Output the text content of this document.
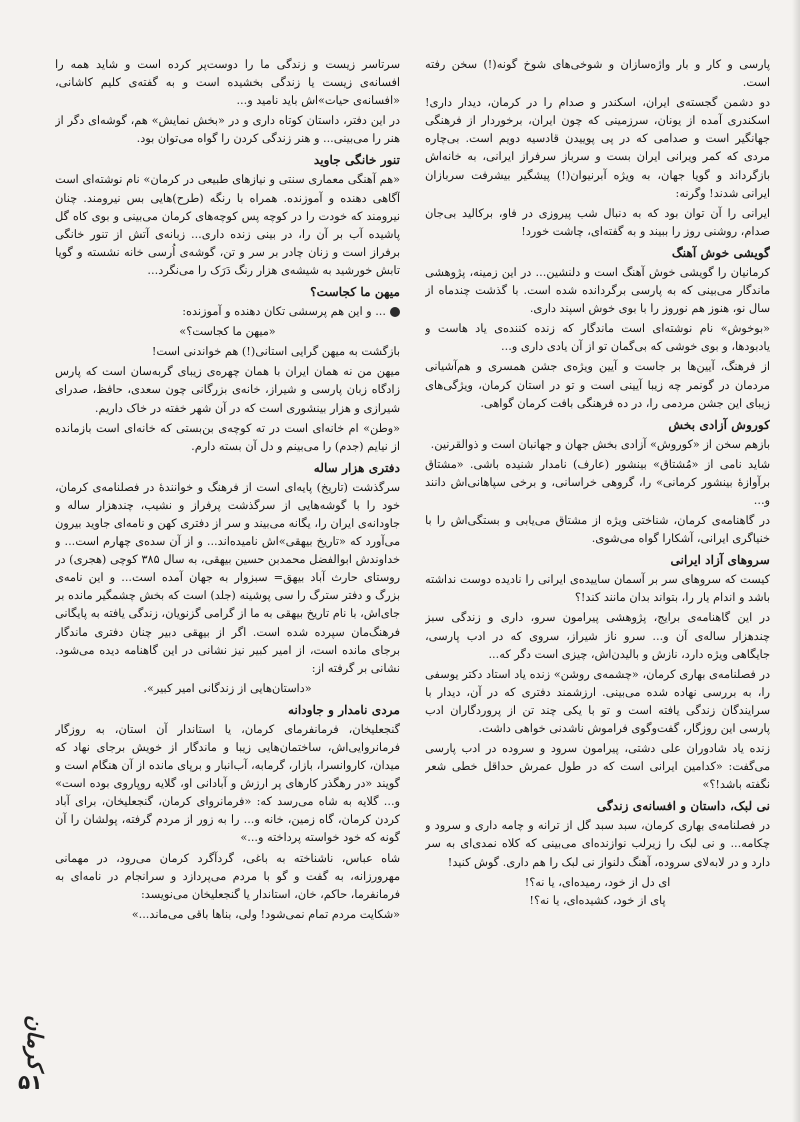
پارسی و کار و بار واژه‌سازان و شوخی‌های شوخ گونه(!) سخن رفته است.

دو دشمن گجسته‌ی ایران، اسکندر و صدام را در کرمان، دیدار داری! اسکندری آمده از یونان، سرزمینی که چون ایران، برخوردار از فرهنگی جهانگیر است و صدامی که در پی پوییدن قادسیه دویم است. بی‌چاره مردی که کمر ویرانی ایران بست و سرباز سرفراز ایرانی، به خانه‌اش بازگرداند و گویا جهان، به ویژه آبرنیوان(!) پیشگیر بیشرفت سربازان ایرانی شدند! وگرنه:

ایرانی را آن توان بود که به دنبال شب پیروزی در فاو، برکالید بی‌جان صدام، روشنی روز را ببیند و به گفته‌ای، چاشت خورد!

گویشی خوش آهنگ

کرمانیان را گویشی خوش آهنگ است و دلنشین... در این زمینه، پژوهشی ماندگار می‌بینی که به پارسی برگردانده شده است. با گذشت چندماه از سال نو، هنوز هم نوروز را با بوی خوش اسپند داری.

«بوخوش» نام نوشته‌ای است ماندگار که زنده کننده‌ی یاد هاست و یادبودها، و بوی خوشی که بی‌گمان تو از آن یادی داری و...

از فرهنگ، آیین‌ها بر جاست و آیین ویژه‌ی جشن همسری و هم‌آشیانی مردمان در گونمر چه زیبا آیینی است و تو در استان کرمان، ویژگی‌های زیبای این جشن مردمی را، در ده فرهنگی بافت کرمان گواهی.

کوروش آزادی بخش

بازهم سخن از «کوروش» آزادی بخش جهان و جهانبان است و ذوالقرنین.

شاید نامی از «مُشتاق» بینشور (عارف) نامدار شنیده باشی. «مشتاق برآوازهٔ بینشور کرمانی» را، گروهی خراسانی، و برخی سپاهانی‌اش دانند و...

در گاهنامه‌ی کرمان، شناختی ویژه از مشتاق می‌یابی و بستگی‌اش را با خنیاگری ایرانی، آشکارا گواه می‌شوی.

سروهای آزاد ایرانی

کیست که سروهای سر بر آسمان ساییده‌ی ایرانی را نادیده دوست نداشته باشد و اندام یار را، بتواند بدان مانند کند!؟

در این گاهنامه‌ی برایج، پژوهشی پیرامون سرو، داری و زندگی سبز چندهزار ساله‌ی آن و... سرو ناز شیراز، سروی که در ادب پارسی، جایگاهی ویژه دارد، نازش و بالیدن‌اش، چیزی است دگر که...

در فصلنامه‌ی بهاری کرمان، «چشمه‌ی روشن» زنده یاد استاد دکتر یوسفی را، به بررسی نهاده شده می‌بینی. ارزشمند دفتری که در آن، دیدار با سرایندگان زندگی یافته است و تو با یکی چند تن از پروردگاران ادب پارسی این روزگار، گفت‌وگوی فراموش ناشدنی خواهی داشت.

زنده یاد شادوران علی دشتی، پیرامون سرود و سروده در ادب پارسی می‌گفت: «کدامین ایرانی است که در طول عمرش حداقل خطی شعر نگفته باشد!؟»

نی لبک، داستان و افسانه‌ی زندگی

در فصلنامه‌ی بهاری کرمان، سبد سبد گل از ترانه و چامه داری و سرود و چکامه... و نی لبک را زیرلب نوازنده‌ای می‌بینی که کلاه نمدی‌ای به سر دارد و در لابه‌لای سروده، آهنگ دلنواز نی لبک را هم داری. گوش کنید!

ای دل از خود، رمیده‌ای، یا نه؟!
پای از خود، کشیده‌ای، یا نه؟!

سرتاسر زیست و زندگی ما را دوست‌پر کرده است و شاید همه را افسانه‌ی زیست یا زندگی بخشیده است و به گفته‌ی کلیم کاشانی، «افسانه‌ی حیات»اش باید نامید و...

در این دفتر، داستان کوتاه داری و در «بخش نمایش» هم، گوشه‌ای دگر از هنر را می‌بینی... و هنر زندگی کردن را گواه می‌توان بود.

تنور خانگی جاوید

«هم آهنگی معماری سنتی و نیازهای طبیعی در کرمان» نام نوشته‌ای است آگاهی دهنده و آموزنده. همراه با رنگه (طرح)هایی بس نیرومند. چنان نیرومند که خودت را در کوچه پس کوچه‌های کرمان می‌بینی و بوی کاه گل پاشیده آب بر آن را، در بینی زنده داری... زبانه‌ی آتش از تنور خانگی برفراز است و زنان چادر بر سر و تن، گوشه‌ی اُرسی خانه نشسته و گویا تابش خورشید به شیشه‌ی هزار رنگ دَرَک را می‌نگرد...

میهن ما کجاست؟

... و این هم پرسشی تکان دهنده و آموزنده:

«میهن ما کجاست؟»

بازگشت به میهن گرایی استانی(!) هم خواندنی است!

میهن من نه همان ایران با همان چهره‌ی زیبای گربه‌سان است که پارس زادگاه زبان پارسی و شیراز، خانه‌ی بزرگانی چون سعدی، حافظ، صدرای شیرازی و هزار بینشوری است که در آن شهر خفته در خاک داریم.

«وطن» ام خانه‌ای است در ته کوچه‌ی بن‌بستی که خانه‌ای است بازمانده از نیایم (جدم) را می‌بینم و دل آن بسته دارم.

دفتری هزار ساله

سرگذشت (تاریخ) پایه‌ای است از فرهنگ و خوانندهٔ در فصلنامه‌ی کرمان، خود را با گوشه‌هایی از سرگذشت پرفراز و نشیب، چندهزار ساله و جاودانه‌ی ایران را، یگانه می‌بیند و سر از دفتری کهن و نامه‌ای جاوید بیرون می‌آورد که «تاریخ بیهقی»اش نامیده‌اند... و از آن سده‌ی چهارم است... و خداوندش ابوالفضل محمدبن حسین بیهقی، به سال ۳۸۵ کوچی (هجری) در روستای حارث آباد بیهق= سبزوار به جهان آمده است... و این نامه‌ی بزرگ و دفتر سترگ را سی پوشینه (جلد) است که بخش چشمگیر مانده بر جای‌اش، با نام تاریخ بیهقی به ما از گرامی گزنویان، زندگی یافته به پایگانی فرهنگ‌مان سپرده شده است. اگر از بیهقی دبیر چنان دفتری ماندگار برجای مانده است، از امیر کبیر نیز نشانی در این گاهنامه دیده می‌شود. نشانی بر گرفته از:

«داستان‌هایی از زندگانی امیر کبیر».

مردی نامدار و جاودانه

گنجعلیخان، فرمانفرمای کرمان، یا استاندار آن استان، به روزگار فرمانروایی‌اش، ساختمان‌هایی زیبا و ماندگار از خویش برجای نهاد که میدان، کاروانسرا، بازار، گرمابه، آب‌انبار و برپای مانده از آن هنگام است و گویند «در رهگذر کارهای پر ارزش و آبادانی او، گلایه روپاروی بوده است» و... گلایه به شاه می‌رسد که: «فرمانروای کرمان، گنجعلیخان، برای آباد کردن کرمان، گاه زمین، خانه و... را به زور از مردم گرفته، پولشان را آن گونه که خود خواسته پرداخته و...»

شاه عباس، ناشناخته به باغی، گردآگرد کرمان می‌رود، در مهمانی مهرورزانه، به گفت و گو با مردم می‌پردازد و سرانجام در نامه‌ای به فرمانفرما، حاکم، خان، استاندار یا گنجعلیخان می‌نویسد:

«شکایت مردم تمام نمی‌شود! ولی، بناها باقی می‌ماند...»

کرمان
۵۱
